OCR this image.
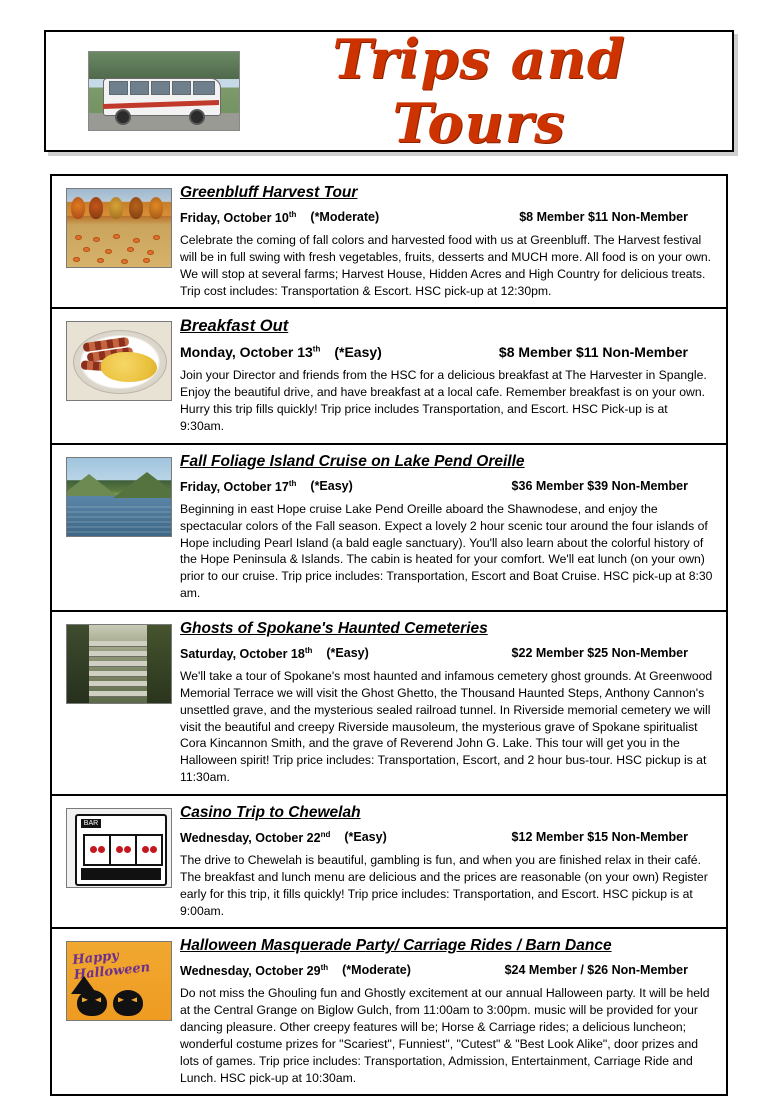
Trips and Tours
Greenbluff Harvest Tour
Friday, October 10th (*Moderate)	$8 Member $11 Non-Member
Celebrate the coming of fall colors and harvested food with us at Greenbluff. The Harvest festival will be in full swing with fresh vegetables, fruits, desserts and MUCH more. All food is on your own. We will stop at several farms; Harvest House, Hidden Acres and High Country for delicious treats. Trip cost includes: Transportation & Escort. HSC pick-up at 12:30pm.
Breakfast Out
Monday, October 13th (*Easy)	$8 Member $11 Non-Member
Join your Director and friends from the HSC for a delicious breakfast at The Harvester in Spangle. Enjoy the beautiful drive, and have breakfast at a local cafe. Remember breakfast is on your own. Hurry this trip fills quickly! Trip price includes Transportation, and Escort. HSC Pick-up is at 9:30am.
Fall Foliage Island Cruise on Lake Pend Oreille
Friday, October 17th (*Easy)	$36 Member $39 Non-Member
Beginning in east Hope cruise Lake Pend Oreille aboard the Shawnodese, and enjoy the spectacular colors of the Fall season. Expect a lovely 2 hour scenic tour around the four islands of Hope including Pearl Island (a bald eagle sanctuary). You'll also learn about the colorful history of the Hope Peninsula & Islands. The cabin is heated for your comfort. We'll eat lunch (on your own) prior to our cruise. Trip price includes: Transportation, Escort and Boat Cruise. HSC pick-up at 8:30 am.
Ghosts of Spokane's Haunted Cemeteries
Saturday, October 18th (*Easy)	$22 Member $25 Non-Member
We'll take a tour of Spokane's most haunted and infamous cemetery ghost grounds. At Greenwood Memorial Terrace we will visit the Ghost Ghetto, the Thousand Haunted Steps, Anthony Cannon's unsettled grave, and the mysterious sealed railroad tunnel. In Riverside memorial cemetery we will visit the beautiful and creepy Riverside mausoleum, the mysterious grave of Spokane spiritualist Cora Kincannon Smith, and the grave of Reverend John G. Lake. This tour will get you in the Halloween spirit! Trip price includes: Transportation, Escort, and 2 hour bus-tour. HSC pickup is at 11:30am.
BAR
Casino Trip to Chewelah
Wednesday, October 22nd (*Easy)	$12 Member $15 Non-Member
The drive to Chewelah is beautiful, gambling is fun, and when you are finished relax in their café. The breakfast and lunch menu are delicious and the prices are reasonable (on your own) Register early for this trip, it fills quickly! Trip price includes: Transportation, and Escort. HSC pickup is at 9:00am.
Happy Halloween
Halloween Masquerade Party/ Carriage Rides / Barn Dance
Wednesday, October 29th (*Moderate)	$24 Member / $26 Non-Member
Do not miss the Ghouling fun and Ghostly excitement at our annual Halloween party. It will be held at the Central Grange on Biglow Gulch, from 11:00am to 3:00pm. music will be provided for your dancing pleasure. Other creepy features will be; Horse & Carriage rides; a delicious luncheon; wonderful costume prizes for "Scariest", Funniest", "Cutest" & "Best Look Alike", door prizes and lots of games. Trip price includes: Transportation, Admission, Entertainment, Carriage Ride and Lunch. HSC pick-up at 10:30am.
